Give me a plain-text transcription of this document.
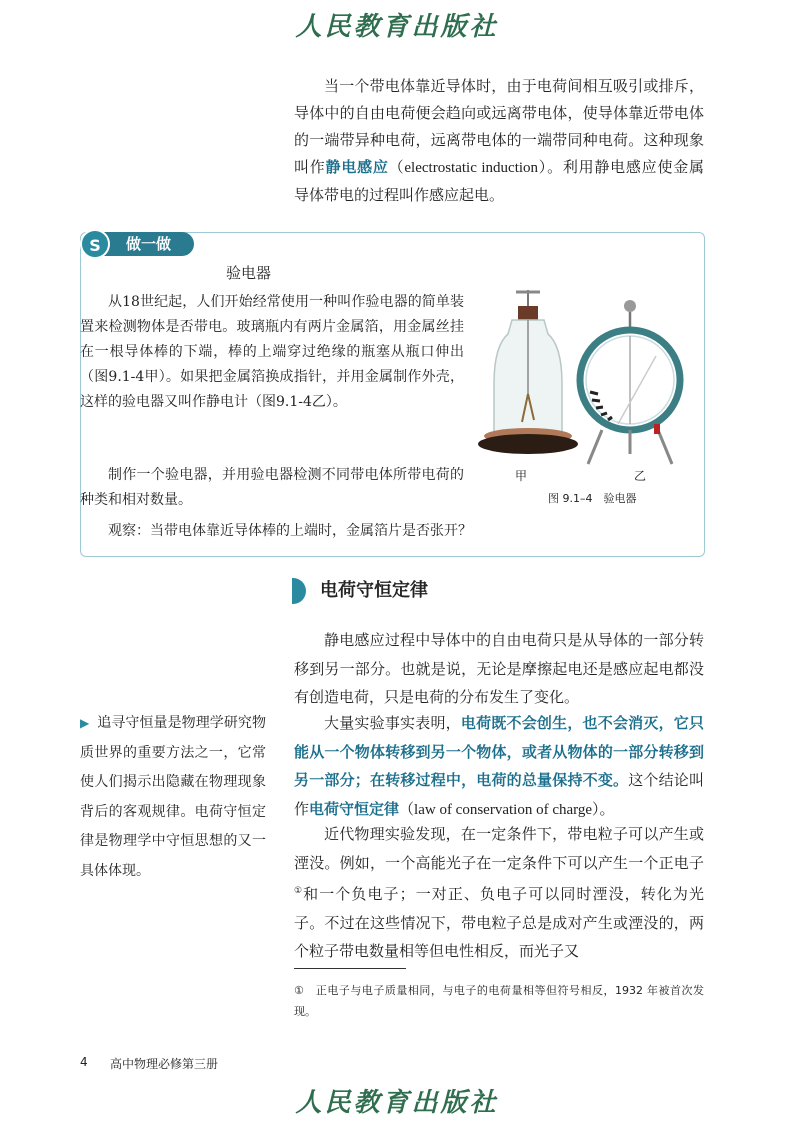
人民教育出版社

当一个带电体靠近导体时，由于电荷间相互吸引或排斥，导体中的自由电荷便会趋向或远离带电体，使导体靠近带电体的一端带异种电荷，远离带电体的一端带同种电荷。这种现象叫作静电感应（electrostatic induction）。利用静电感应使金属导体带电的过程叫作感应起电。

做一做
S
验电器

从18世纪起，人们开始经常使用一种叫作验电器的简单装置来检测物体是否带电。玻璃瓶内有两片金属箔，用金属丝挂在一根导体棒的下端，棒的上端穿过绝缘的瓶塞从瓶口伸出（图9.1-4甲）。如果把金属箔换成指针，并用金属制作外壳，这样的验电器又叫作静电计（图9.1-4乙）。

制作一个验电器，并用验电器检测不同带电体所带电荷的种类和相对数量。

观察：当带电体靠近导体棒的上端时，金属箔片是否张开？

甲	乙
图 9.1–4　验电器
电荷守恒定律

静电感应过程中导体中的自由电荷只是从导体的一部分转移到另一部分。也就是说，无论是摩擦起电还是感应起电都没有创造电荷，只是电荷的分布发生了变化。

大量实验事实表明，电荷既不会创生，也不会消灭，它只能从一个物体转移到另一个物体，或者从物体的一部分转移到另一部分；在转移过程中，电荷的总量保持不变。这个结论叫作电荷守恒定律（law of conservation of charge）。

近代物理实验发现，在一定条件下，带电粒子可以产生或湮没。例如，一个高能光子在一定条件下可以产生一个正电子①和一个负电子；一对正、负电子可以同时湮没，转化为光子。不过在这些情况下，带电粒子总是成对产生或湮没的，两个粒子带电数量相等但电性相反，而光子又

▶ 追寻守恒量是物理学研究物质世界的重要方法之一，它常使人们揭示出隐藏在物理现象背后的客观规律。电荷守恒定律是物理学中守恒思想的又一具体体现。

①　正电子与电子质量相同，与电子的电荷量相等但符号相反，1932 年被首次发现。

4 高中物理必修第三册
人民教育出版社
